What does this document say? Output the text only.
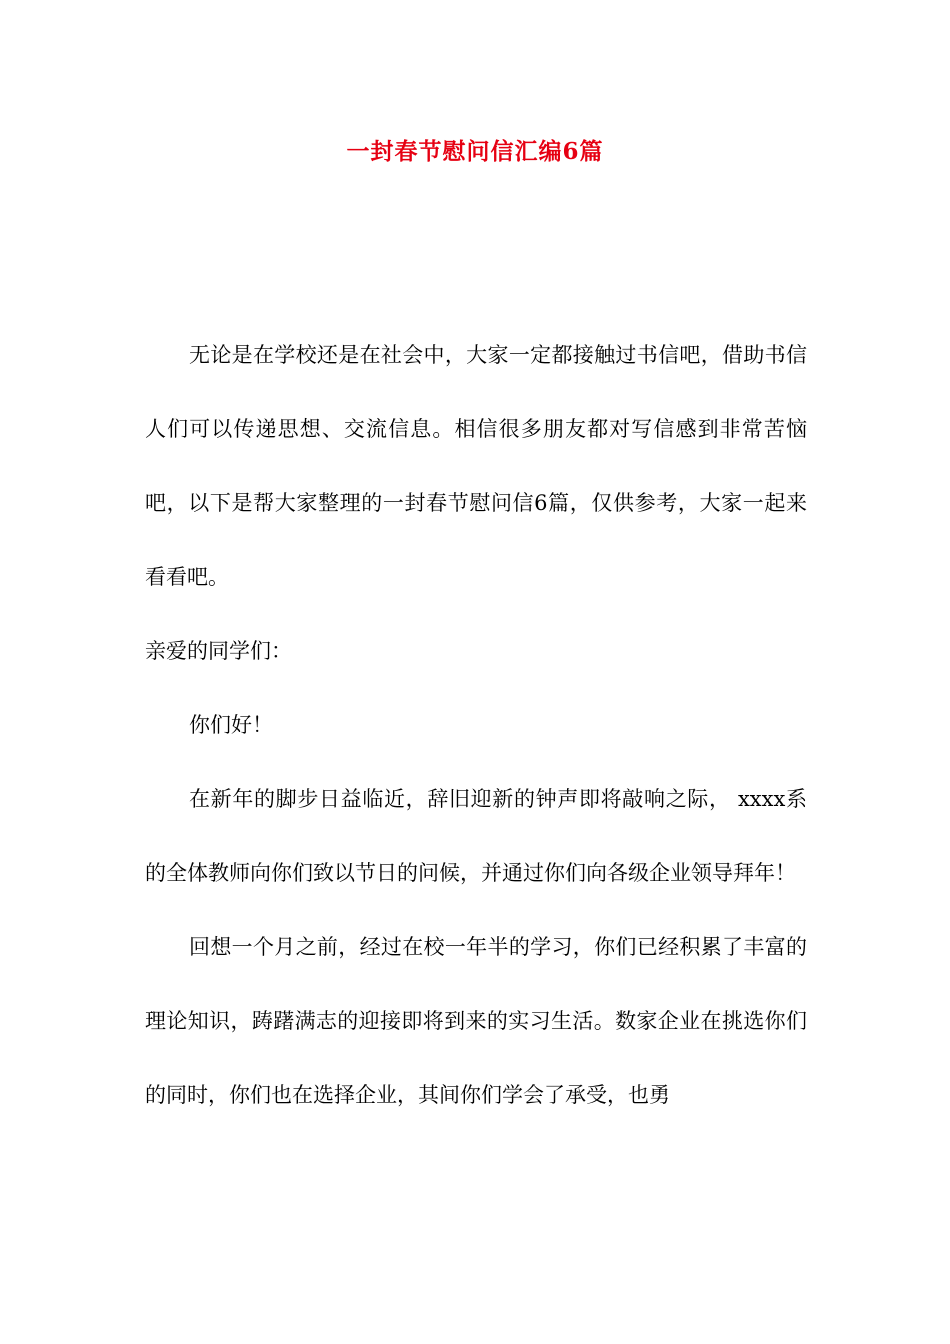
一封春节慰问信汇编6篇

无论是在学校还是在社会中，大家一定都接触过书信吧，借助书信人们可以传递思想、交流信息。相信很多朋友都对写信感到非常苦恼吧，以下是帮大家整理的一封春节慰问信6篇，仅供参考，大家一起来看看吧。

亲爱的同学们：

你们好！

在新年的脚步日益临近，辞旧迎新的钟声即将敲响之际， xxxx系的全体教师向你们致以节日的问候，并通过你们向各级企业领导拜年！

回想一个月之前，经过在校一年半的学习，你们已经积累了丰富的理论知识，踌躇满志的迎接即将到来的实习生活。数家企业在挑选你们的同时，你们也在选择企业，其间你们学会了承受，也勇
